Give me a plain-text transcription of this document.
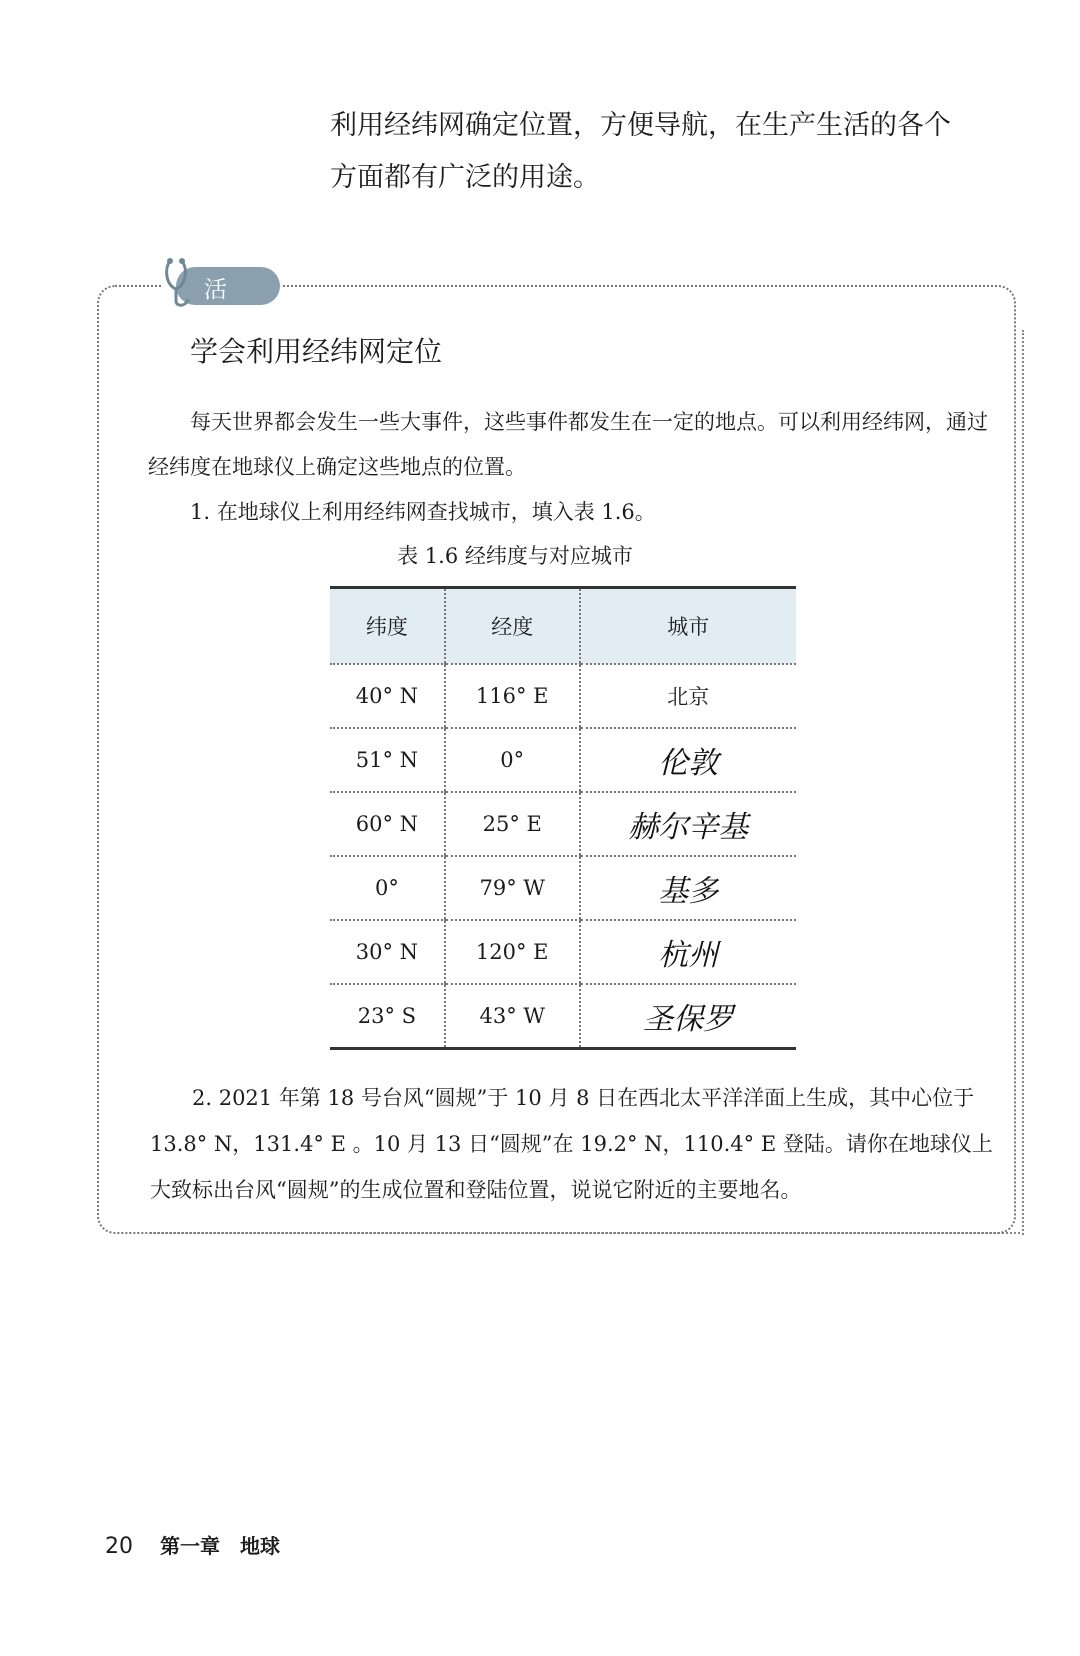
利用经纬网确定位置，方便导航，在生产生活的各个
方面都有广泛的用途。
活 动
学会利用经纬网定位
每天世界都会发生一些大事件，这些事件都发生在一定的地点。可以利用经纬网，通过经纬度在地球仪上确定这些地点的位置。
1. 在地球仪上利用经纬网查找城市，填入表 1.6。
表 1.6 经纬度与对应城市
纬度	经度	城市
40° N	116° E	北京
51° N	0°	伦敦
60° N	25° E	赫尔辛基
0°	79° W	基多
30° N	120° E	杭州
23° S	43° W	圣保罗
2. 2021 年第 18 号台风“圆规”于 10 月 8 日在西北太平洋洋面上生成，其中心位于 13.8° N，131.4° E 。10 月 13 日“圆规”在 19.2° N，110.4° E 登陆。请你在地球仪上大致标出台风“圆规”的生成位置和登陆位置，说说它附近的主要地名。
20 第一章　地球
